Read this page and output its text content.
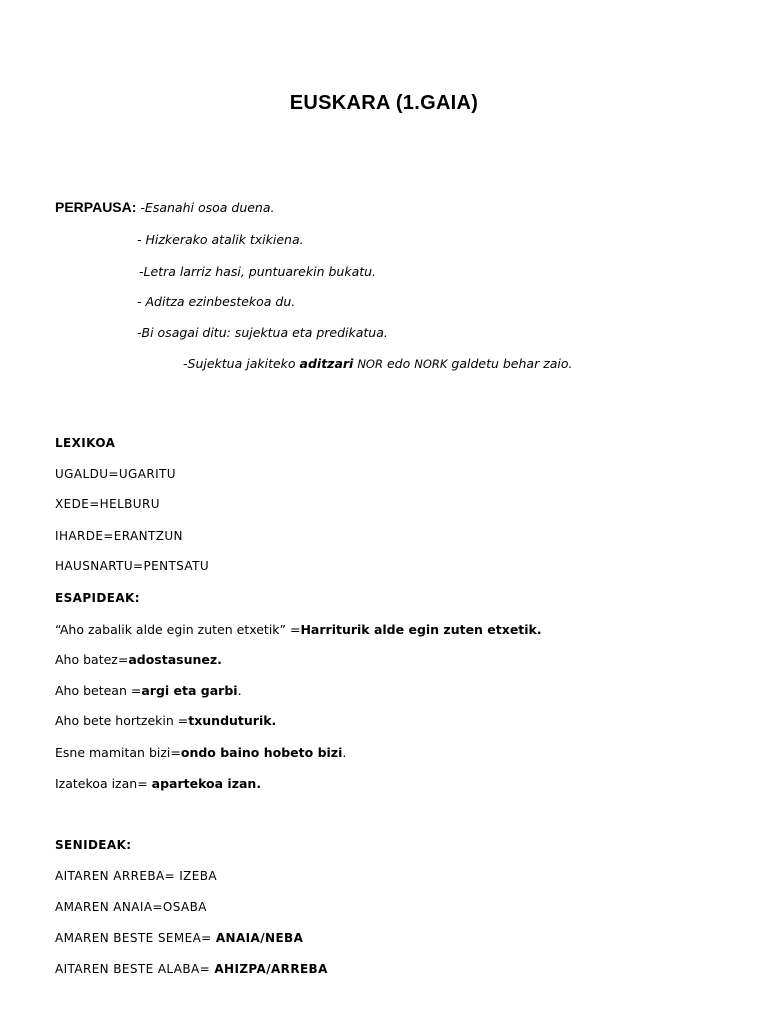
EUSKARA (1.GAIA)
PERPAUSA: -Esanahi osoa duena.
- Hizkerako atalik txikiena.
-Letra larriz hasi, puntuarekin bukatu.
- Aditza ezinbestekoa du.
-Bi osagai ditu: sujektua eta predikatua.
-Sujektua jakiteko aditzari NOR edo NORK galdetu behar zaio.
LEXIKOA
UGALDU=UGARITU
XEDE=HELBURU
IHARDE=ERANTZUN
HAUSNARTU=PENTSATU
ESAPIDEAK:
“Aho zabalik alde egin zuten etxetik” =Harriturik alde egin zuten etxetik.
Aho batez=adostasunez.
Aho betean =argi eta garbi.
Aho bete hortzekin =txunduturik.
Esne mamitan bizi=ondo baino hobeto bizi.
Izatekoa izan= apartekoa izan.
SENIDEAK:
AITAREN ARREBA= IZEBA
AMAREN ANAIA=OSABA
AMAREN BESTE SEMEA= ANAIA/NEBA
AITAREN BESTE ALABA= AHIZPA/ARREBA
